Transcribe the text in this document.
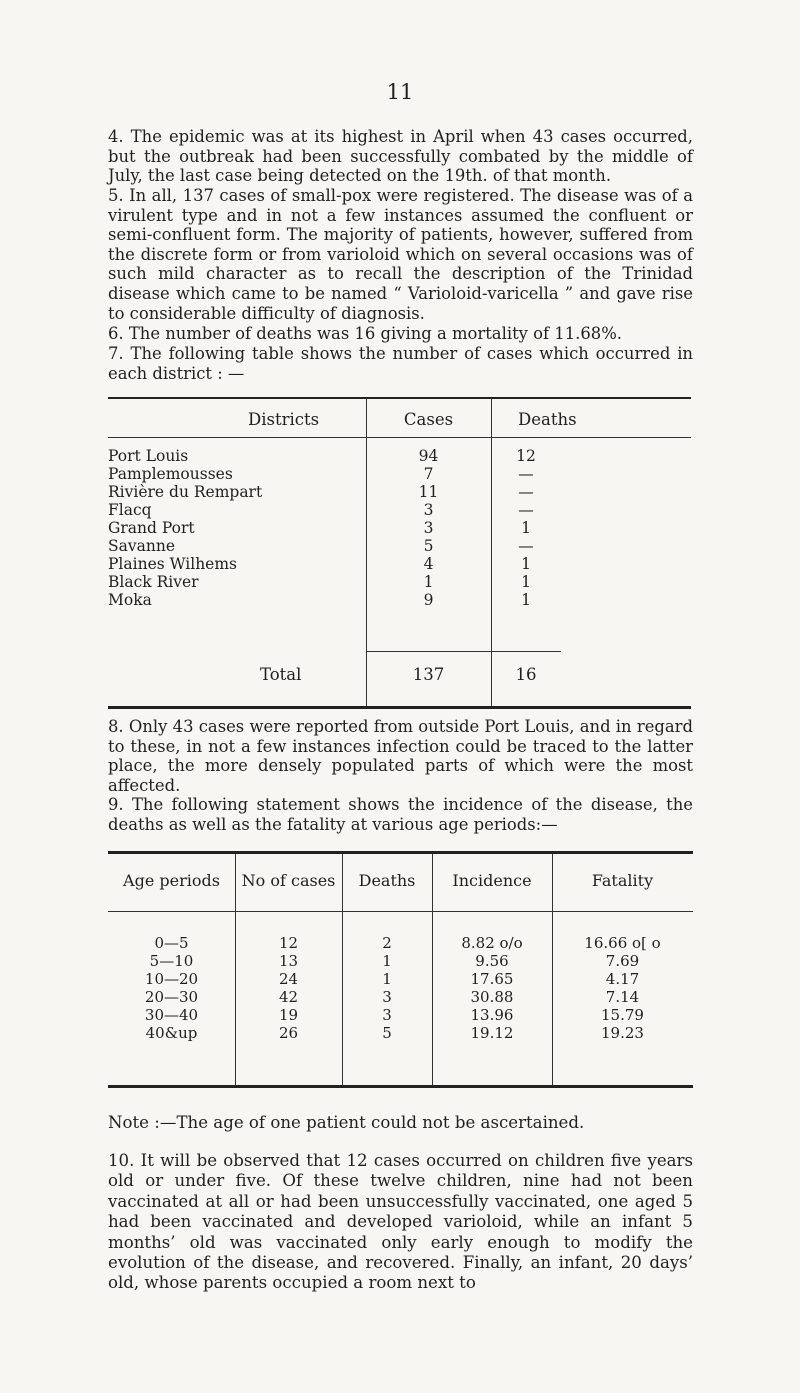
11

4. The epidemic was at its highest in April when 43 cases occurred, but the outbreak had been successfully combated by the middle of July, the last case being detected on the 19th. of that month.

5. In all, 137 cases of small-pox were registered. The disease was of a virulent type and in not a few instances assumed the confluent or semi-confluent form. The majority of patients, however, suffered from the discrete form or from varioloid which on several occasions was of such mild character as to recall the description of the Trinidad disease which came to be named “ Varioloid-varicella ” and gave rise to considerable difficulty of diagnosis.

6. The number of deaths was 16 giving a mortality of 11.68%.

7. The following table shows the number of cases which occurred in each district : —

Districts	Cases	Deaths
Port Louis	94	12
Pamplemousses	7	—
Rivière du Rempart	11	—
Flacq	3	—
Grand Port	3	1
Savanne	5	—
Plaines Wilhems	4	1
Black River	1	1
Moka	9	1
Total	137	16

8. Only 43 cases were reported from outside Port Louis, and in regard to these, in not a few instances infection could be traced to the latter place, the more densely populated parts of which were the most affected.

9. The following statement shows the incidence of the disease, the deaths as well as the fatality at various age periods:—

Age periods	No of cases	Deaths	Incidence	Fatality
0—5	12	2	8.82 o/o	16.66 o[ o
5—10	13	1	9.56	7.69
10—20	24	1	17.65	4.17
20—30	42	3	30.88	7.14
30—40	19	3	13.96	15.79
40&up	26	5	19.12	19.23

Note :—The age of one patient could not be ascertained.

10. It will be observed that 12 cases occurred on children five years old or under five. Of these twelve children, nine had not been vaccinated at all or had been unsuccessfully vaccinated, one aged 5 had been vaccinated and developed varioloid, while an infant 5 months’ old was vaccinated only early enough to modify the evolution of the disease, and recovered. Finally, an infant, 20 days’ old, whose parents occupied a room next to
